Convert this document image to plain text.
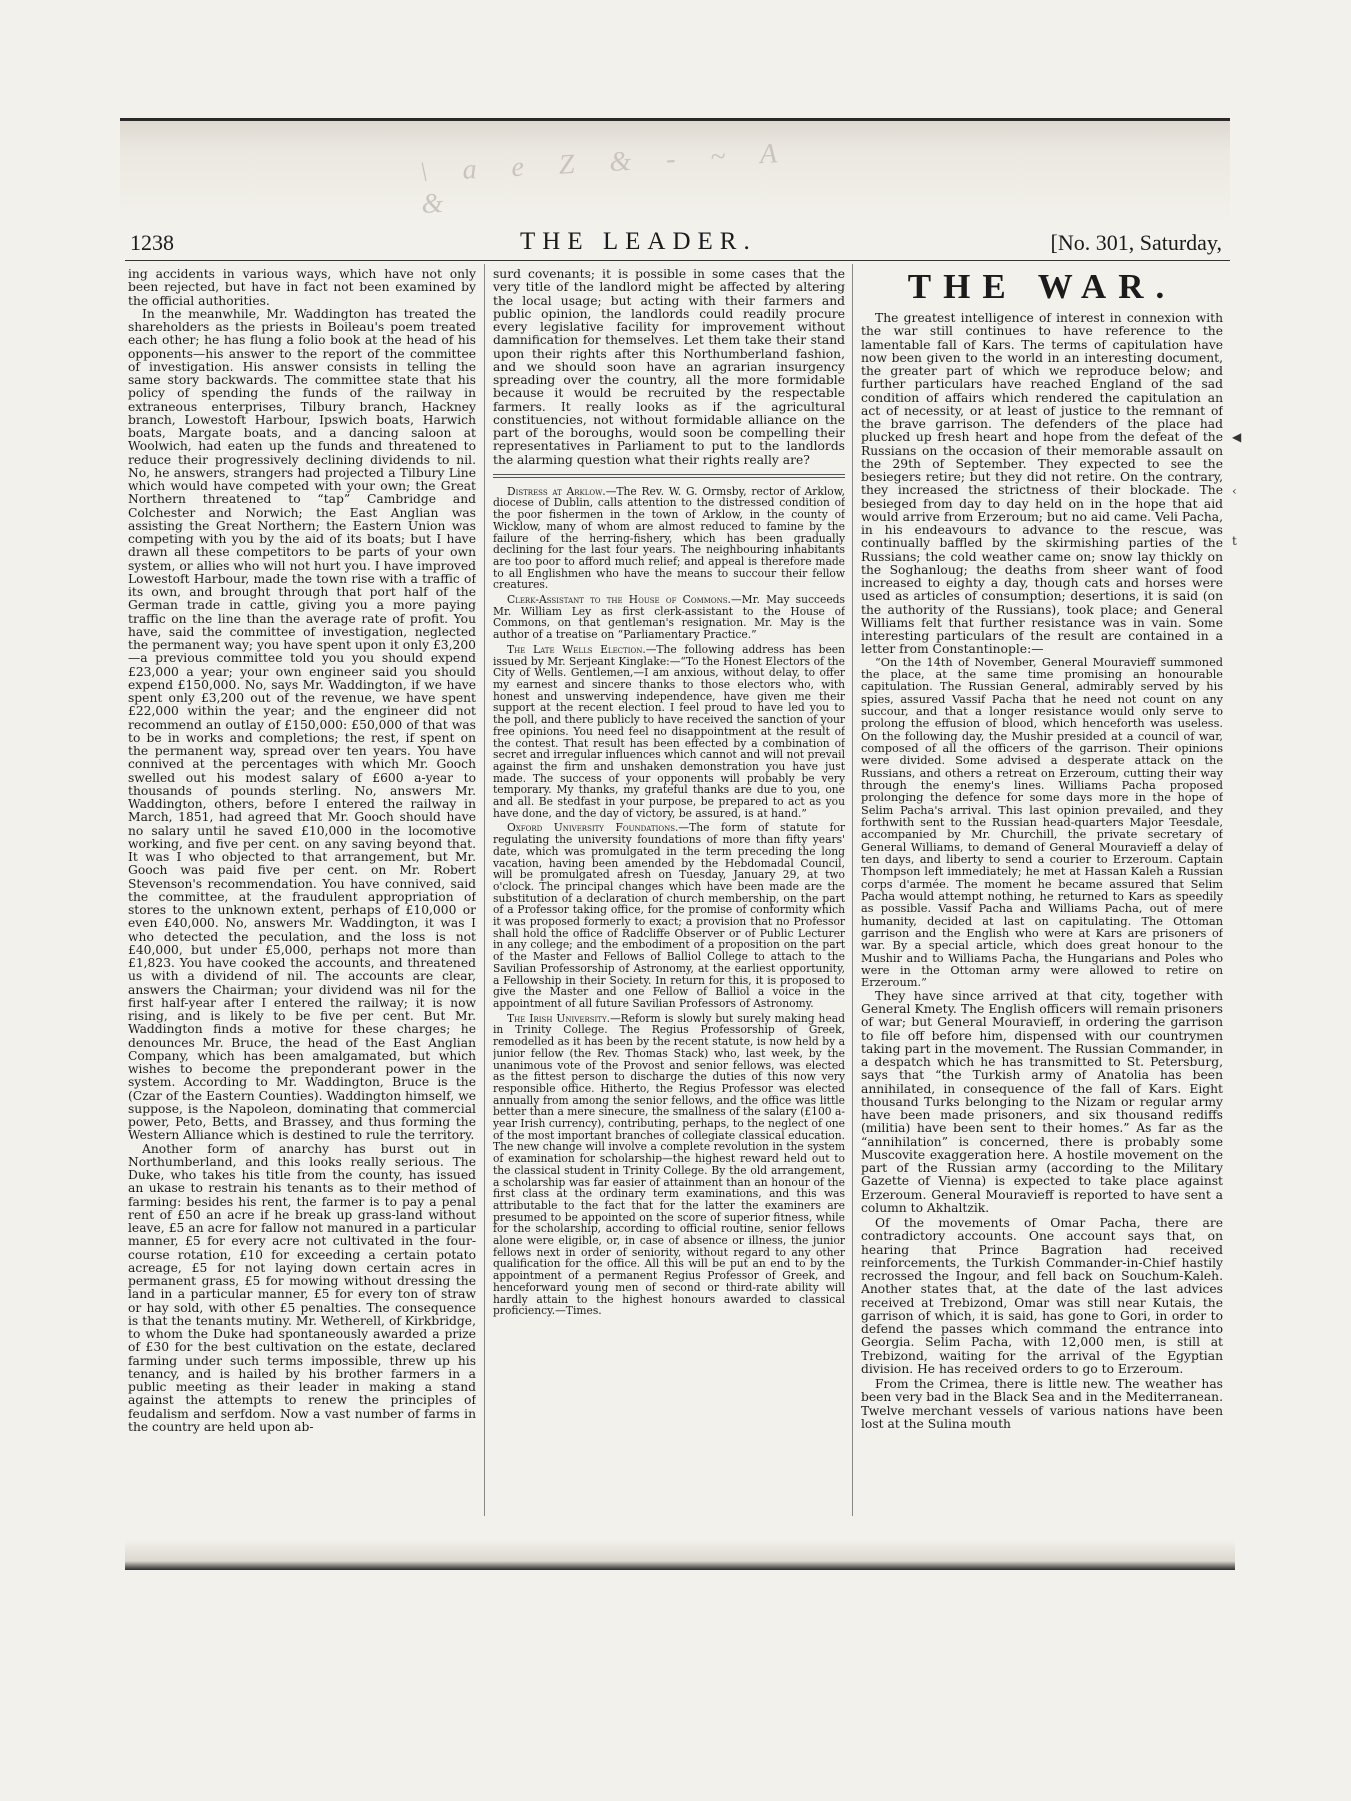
\ a e Z & - ~ A &
1238	THE LEADER.	[No. 301, Saturday,

ing accidents in various ways, which have not only been rejected, but have in fact not been examined by the official authorities.

In the meanwhile, Mr. Waddington has treated the shareholders as the priests in Boileau's poem treated each other; he has flung a folio book at the head of his opponents—his answer to the report of the committee of investigation. His answer consists in telling the same story backwards. The committee state that his policy of spending the funds of the railway in extraneous enterprises, Tilbury branch, Hackney branch, Lowestoft Harbour, Ipswich boats, Harwich boats, Margate boats, and a dancing saloon at Woolwich, had eaten up the funds and threatened to reduce their progressively declining dividends to nil. No, he answers, strangers had projected a Tilbury Line which would have competed with your own; the Great Northern threatened to “tap” Cambridge and Colchester and Norwich; the East Anglian was assisting the Great Northern; the Eastern Union was competing with you by the aid of its boats; but I have drawn all these competitors to be parts of your own system, or allies who will not hurt you. I have improved Lowestoft Harbour, made the town rise with a traffic of its own, and brought through that port half of the German trade in cattle, giving you a more paying traffic on the line than the average rate of profit. You have, said the committee of investigation, neglected the permanent way; you have spent upon it only £3,200—a previous committee told you you should expend £23,000 a year; your own engineer said you should expend £150,000. No, says Mr. Waddington, if we have spent only £3,200 out of the revenue, we have spent £22,000 within the year; and the engineer did not recommend an outlay of £150,000: £50,000 of that was to be in works and completions; the rest, if spent on the permanent way, spread over ten years. You have connived at the percentages with which Mr. Gooch swelled out his modest salary of £600 a-year to thousands of pounds sterling. No, answers Mr. Waddington, others, before I entered the railway in March, 1851, had agreed that Mr. Gooch should have no salary until he saved £10,000 in the locomotive working, and five per cent. on any saving beyond that. It was I who objected to that arrangement, but Mr. Gooch was paid five per cent. on Mr. Robert Stevenson's recommendation. You have connived, said the committee, at the fraudulent appropriation of stores to the unknown extent, perhaps of £10,000 or even £40,000. No, answers Mr. Waddington, it was I who detected the peculation, and the loss is not £40,000, but under £5,000, perhaps not more than £1,823. You have cooked the accounts, and threatened us with a dividend of nil. The accounts are clear, answers the Chairman; your dividend was nil for the first half-year after I entered the railway; it is now rising, and is likely to be five per cent. But Mr. Waddington finds a motive for these charges; he denounces Mr. Bruce, the head of the East Anglian Company, which has been amalgamated, but which wishes to become the preponderant power in the system. According to Mr. Waddington, Bruce is the (Czar of the Eastern Counties). Waddington himself, we suppose, is the Napoleon, dominating that commercial power, Peto, Betts, and Brassey, and thus forming the Western Alliance which is destined to rule the territory.

Another form of anarchy has burst out in Northumberland, and this looks really serious. The Duke, who takes his title from the county, has issued an ukase to restrain his tenants as to their method of farming: besides his rent, the farmer is to pay a penal rent of £50 an acre if he break up grass-land without leave, £5 an acre for fallow not manured in a particular manner, £5 for every acre not cultivated in the four-course rotation, £10 for exceeding a certain potato acreage, £5 for not laying down certain acres in permanent grass, £5 for mowing without dressing the land in a particular manner, £5 for every ton of straw or hay sold, with other £5 penalties. The consequence is that the tenants mutiny. Mr. Wetherell, of Kirkbridge, to whom the Duke had spontaneously awarded a prize of £30 for the best cultivation on the estate, declared farming under such terms impossible, threw up his tenancy, and is hailed by his brother farmers in a public meeting as their leader in making a stand against the attempts to renew the principles of feudalism and serfdom. Now a vast number of farms in the country are held upon ab-

surd covenants; it is possible in some cases that the very title of the landlord might be affected by altering the local usage; but acting with their farmers and public opinion, the landlords could readily procure every legislative facility for improvement without damnification for themselves. Let them take their stand upon their rights after this Northumberland fashion, and we should soon have an agrarian insurgency spreading over the country, all the more formidable because it would be recruited by the respectable farmers. It really looks as if the agricultural constituencies, not without formidable alliance on the part of the boroughs, would soon be compelling their representatives in Parliament to put to the landlords the alarming question what their rights really are?

Distress at Arklow.—The Rev. W. G. Ormsby, rector of Arklow, diocese of Dublin, calls attention to the distressed condition of the poor fishermen in the town of Arklow, in the county of Wicklow, many of whom are almost reduced to famine by the failure of the herring-fishery, which has been gradually declining for the last four years. The neighbouring inhabitants are too poor to afford much relief; and appeal is therefore made to all Englishmen who have the means to succour their fellow creatures.

Clerk-Assistant to the House of Commons.—Mr. May succeeds Mr. William Ley as first clerk-assistant to the House of Commons, on that gentleman's resignation. Mr. May is the author of a treatise on “Parliamentary Practice.”

The Late Wells Election.—The following address has been issued by Mr. Serjeant Kinglake:—“To the Honest Electors of the City of Wells. Gentlemen,—I am anxious, without delay, to offer my earnest and sincere thanks to those electors who, with honest and unswerving independence, have given me their support at the recent election. I feel proud to have led you to the poll, and there publicly to have received the sanction of your free opinions. You need feel no disappointment at the result of the contest. That result has been effected by a combination of secret and irregular influences which cannot and will not prevail against the firm and unshaken demonstration you have just made. The success of your opponents will probably be very temporary. My thanks, my grateful thanks are due to you, one and all. Be stedfast in your purpose, be prepared to act as you have done, and the day of victory, be assured, is at hand.”

Oxford University Foundations.—The form of statute for regulating the university foundations of more than fifty years' date, which was promulgated in the term preceding the long vacation, having been amended by the Hebdomadal Council, will be promulgated afresh on Tuesday, January 29, at two o'clock. The principal changes which have been made are the substitution of a declaration of church membership, on the part of a Professor taking office, for the promise of conformity which it was proposed formerly to exact; a provision that no Professor shall hold the office of Radcliffe Observer or of Public Lecturer in any college; and the embodiment of a proposition on the part of the Master and Fellows of Balliol College to attach to the Savilian Professorship of Astronomy, at the earliest opportunity, a Fellowship in their Society. In return for this, it is proposed to give the Master and one Fellow of Balliol a voice in the appointment of all future Savilian Professors of Astronomy.

The Irish University.—Reform is slowly but surely making head in Trinity College. The Regius Professorship of Greek, remodelled as it has been by the recent statute, is now held by a junior fellow (the Rev. Thomas Stack) who, last week, by the unanimous vote of the Provost and senior fellows, was elected as the fittest person to discharge the duties of this now very responsible office. Hitherto, the Regius Professor was elected annually from among the senior fellows, and the office was little better than a mere sinecure, the smallness of the salary (£100 a-year Irish currency), contributing, perhaps, to the neglect of one of the most important branches of collegiate classical education. The new change will involve a complete revolution in the system of examination for scholarship—the highest reward held out to the classical student in Trinity College. By the old arrangement, a scholarship was far easier of attainment than an honour of the first class at the ordinary term examinations, and this was attributable to the fact that for the latter the examiners are presumed to be appointed on the score of superior fitness, while for the scholarship, according to official routine, senior fellows alone were eligible, or, in case of absence or illness, the junior fellows next in order of seniority, without regard to any other qualification for the office. All this will be put an end to by the appointment of a permanent Regius Professor of Greek, and henceforward young men of second or third-rate ability will hardly attain to the highest honours awarded to classical proficiency.—Times.

THE WAR.

The greatest intelligence of interest in connexion with the war still continues to have reference to the lamentable fall of Kars. The terms of capitulation have now been given to the world in an interesting document, the greater part of which we reproduce below; and further particulars have reached England of the sad condition of affairs which rendered the capitulation an act of necessity, or at least of justice to the remnant of the brave garrison. The defenders of the place had plucked up fresh heart and hope from the defeat of the Russians on the occasion of their memorable assault on the 29th of September. They expected to see the besiegers retire; but they did not retire. On the contrary, they increased the strictness of their blockade. The besieged from day to day held on in the hope that aid would arrive from Erzeroum; but no aid came. Veli Pacha, in his endeavours to advance to the rescue, was continually baffled by the skirmishing parties of the Russians; the cold weather came on; snow lay thickly on the Soghanloug; the deaths from sheer want of food increased to eighty a day, though cats and horses were used as articles of consumption; desertions, it is said (on the authority of the Russians), took place; and General Williams felt that further resistance was in vain. Some interesting particulars of the result are contained in a letter from Constantinople:—

“On the 14th of November, General Mouravieff summoned the place, at the same time promising an honourable capitulation. The Russian General, admirably served by his spies, assured Vassif Pacha that he need not count on any succour, and that a longer resistance would only serve to prolong the effusion of blood, which henceforth was useless. On the following day, the Mushir presided at a council of war, composed of all the officers of the garrison. Their opinions were divided. Some advised a desperate attack on the Russians, and others a retreat on Erzeroum, cutting their way through the enemy's lines. Williams Pacha proposed prolonging the defence for some days more in the hope of Selim Pacha's arrival. This last opinion prevailed, and they forthwith sent to the Russian head-quarters Major Teesdale, accompanied by Mr. Churchill, the private secretary of General Williams, to demand of General Mouravieff a delay of ten days, and liberty to send a courier to Erzeroum. Captain Thompson left immediately; he met at Hassan Kaleh a Russian corps d'armée. The moment he became assured that Selim Pacha would attempt nothing, he returned to Kars as speedily as possible. Vassif Pacha and Williams Pacha, out of mere humanity, decided at last on capitulating. The Ottoman garrison and the English who were at Kars are prisoners of war. By a special article, which does great honour to the Mushir and to Williams Pacha, the Hungarians and Poles who were in the Ottoman army were allowed to retire on Erzeroum.”

They have since arrived at that city, together with General Kmety. The English officers will remain prisoners of war; but General Mouravieff, in ordering the garrison to file off before him, dispensed with our countrymen taking part in the movement. The Russian Commander, in a despatch which he has transmitted to St. Petersburg, says that “the Turkish army of Anatolia has been annihilated, in consequence of the fall of Kars. Eight thousand Turks belonging to the Nizam or regular army have been made prisoners, and six thousand rediffs (militia) have been sent to their homes.” As far as the “annihilation” is concerned, there is probably some Muscovite exaggeration here. A hostile movement on the part of the Russian army (according to the Military Gazette of Vienna) is expected to take place against Erzeroum. General Mouravieff is reported to have sent a column to Akhaltzik.

Of the movements of Omar Pacha, there are contradictory accounts. One account says that, on hearing that Prince Bagration had received reinforcements, the Turkish Commander-in-Chief hastily recrossed the Ingour, and fell back on Souchum-Kaleh. Another states that, at the date of the last advices received at Trebizond, Omar was still near Kutais, the garrison of which, it is said, has gone to Gori, in order to defend the passes which command the entrance into Georgia. Selim Pacha, with 12,000 men, is still at Trebizond, waiting for the arrival of the Egyptian division. He has received orders to go to Erzeroum.

From the Crimea, there is little new. The weather has been very bad in the Black Sea and in the Mediterranean. Twelve merchant vessels of various nations have been lost at the Sulina mouth

◀
‹
t
